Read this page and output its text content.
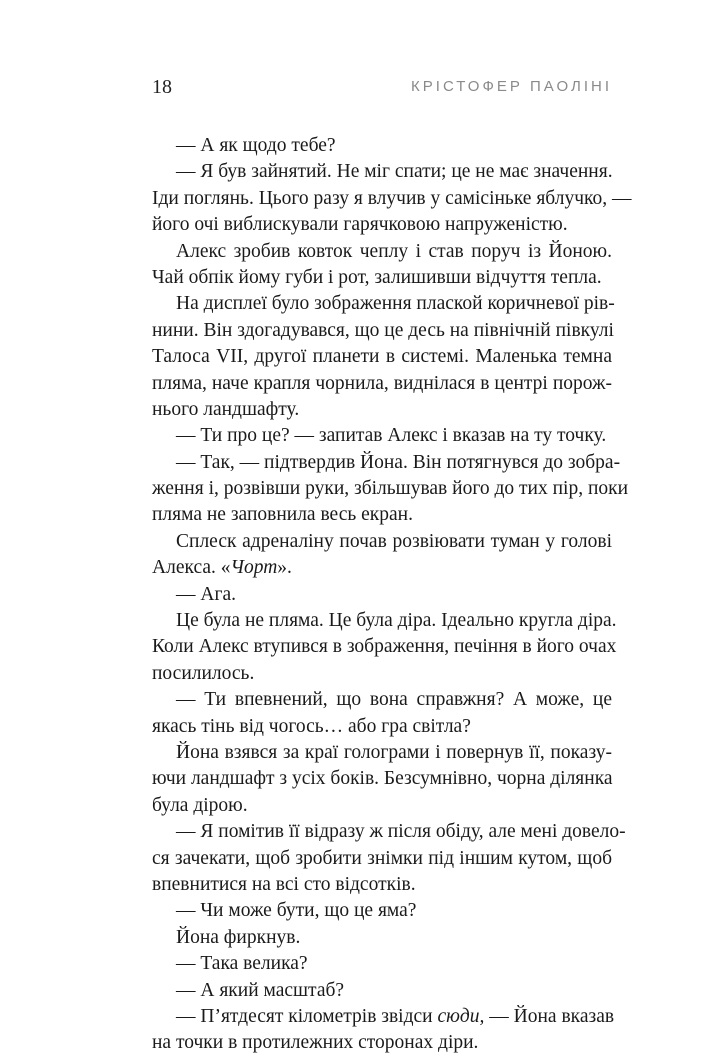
18	КРІСТОФЕР ПАОЛІНІ
— А як щодо тебе?
— Я був зайнятий. Не міг спати; це не має значення.
Іди поглянь. Цього разу я влучив у самісіньке яблучко, —
його очі виблискували гарячковою напруженістю.
Алекс зробив ковток чеплу і став поруч із Йоною.
Чай обпік йому губи і рот, залишивши відчуття тепла.
На дисплеї було зображення плаской коричневої рів-
нини. Він здогадувався, що це десь на північній півкулі
Талоса VII, другої планети в системі. Маленька темна
пляма, наче крапля чорнила, виднілася в центрі порож-
нього ландшафту.
— Ти про це? — запитав Алекс і вказав на ту точку.
— Так, — підтвердив Йона. Він потягнувся до зобра-
ження і, розвівши руки, збільшував його до тих пір, поки
пляма не заповнила весь екран.
Сплеск адреналіну почав розвіювати туман у голові
Алекса. «Чорт».
— Ага.
Це була не пляма. Це була діра. Ідеально кругла діра.
Коли Алекс втупився в зображення, печіння в його очах
посилилось.
— Ти впевнений, що вона справжня? А може, це
якась тінь від чогось… або гра світла?
Йона взявся за краї голограми і повернув її, показу-
ючи ландшафт з усіх боків. Безсумнівно, чорна ділянка
була дірою.
— Я помітив її відразу ж після обіду, але мені довело-
ся зачекати, щоб зробити знімки під іншим кутом, щоб
впевнитися на всі сто відсотків.
— Чи може бути, що це яма?
Йона фиркнув.
— Така велика?
— А який масштаб?
— П’ятдесят кілометрів звідси сюди, — Йона вказав
на точки в протилежних сторонах діри.
